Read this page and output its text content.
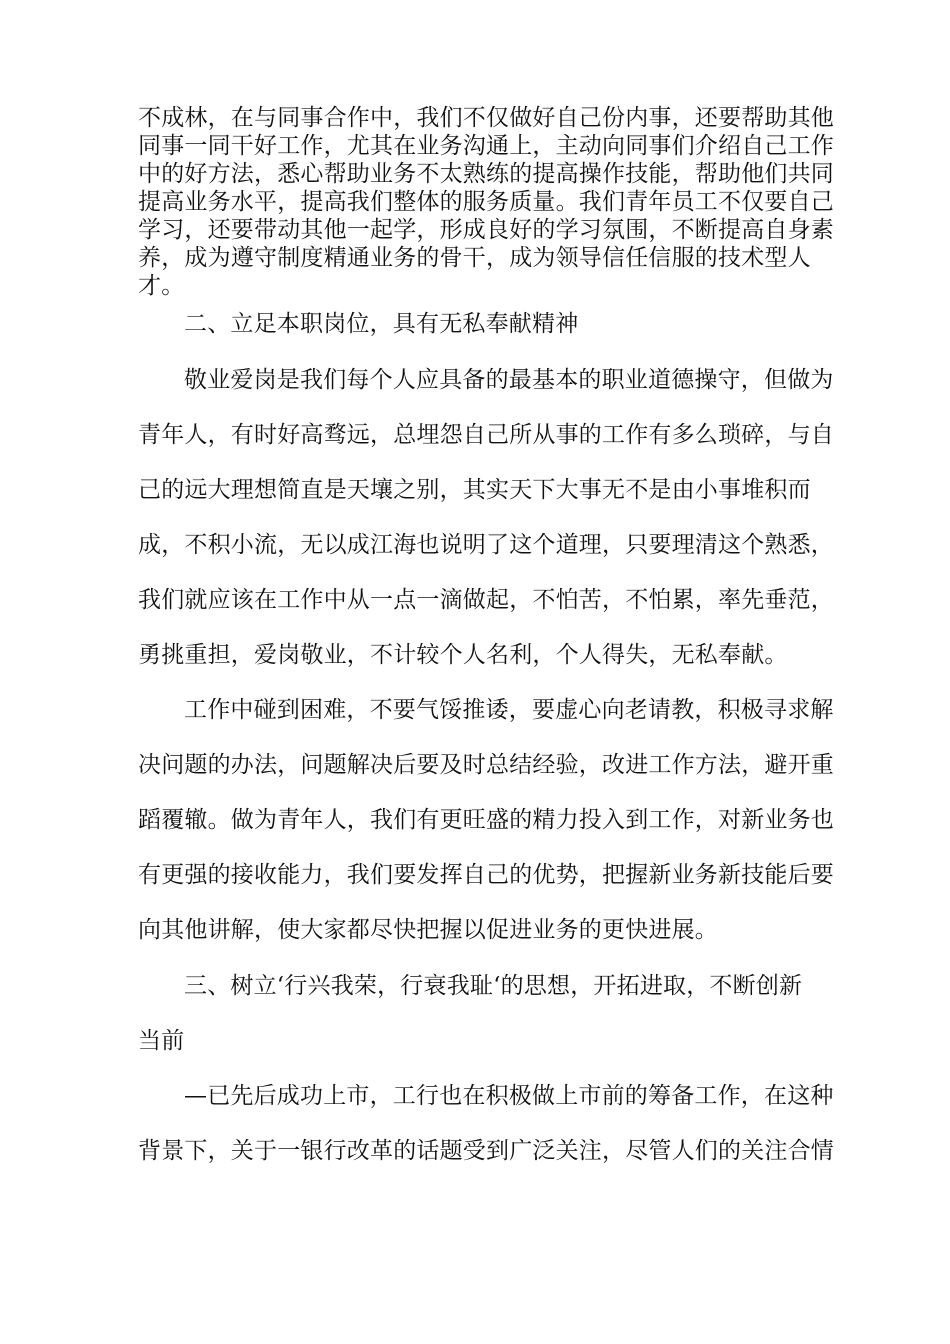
不成林，在与同事合作中，我们不仅做好自己份内事，还要帮助其他
同事一同干好工作，尤其在业务沟通上，主动向同事们介绍自己工作
中的好方法，悉心帮助业务不太熟练的提高操作技能，帮助他们共同
提高业务水平，提高我们整体的服务质量。我们青年员工不仅要自己
学习，还要带动其他一起学，形成良好的学习氛围，不断提高自身素
养，成为遵守制度精通业务的骨干，成为领导信任信服的技术型人
才。
二、立足本职岗位，具有无私奉献精神
敬业爱岗是我们每个人应具备的最基本的职业道德操守，但做为
青年人，有时好高骛远，总埋怨自己所从事的工作有多么琐碎，与自
己的远大理想简直是天壤之别，其实天下大事无不是由小事堆积而
成，不积小流，无以成江海也说明了这个道理，只要理清这个熟悉，
我们就应该在工作中从一点一滴做起，不怕苦，不怕累，率先垂范，
勇挑重担，爱岗敬业，不计较个人名利，个人得失，无私奉献。
工作中碰到困难，不要气馁推诿，要虚心向老请教，积极寻求解
决问题的办法，问题解决后要及时总结经验，改进工作方法，避开重
蹈覆辙。做为青年人，我们有更旺盛的精力投入到工作，对新业务也
有更强的接收能力，我们要发挥自己的优势，把握新业务新技能后要
向其他讲解，使大家都尽快把握以促进业务的更快进展。
三、树立‘行兴我荣，行衰我耻‘的思想，开拓进取，不断创新
当前
—已先后成功上市，工行也在积极做上市前的筹备工作，在这种
背景下，关于一银行改革的话题受到广泛关注，尽管人们的关注合情
